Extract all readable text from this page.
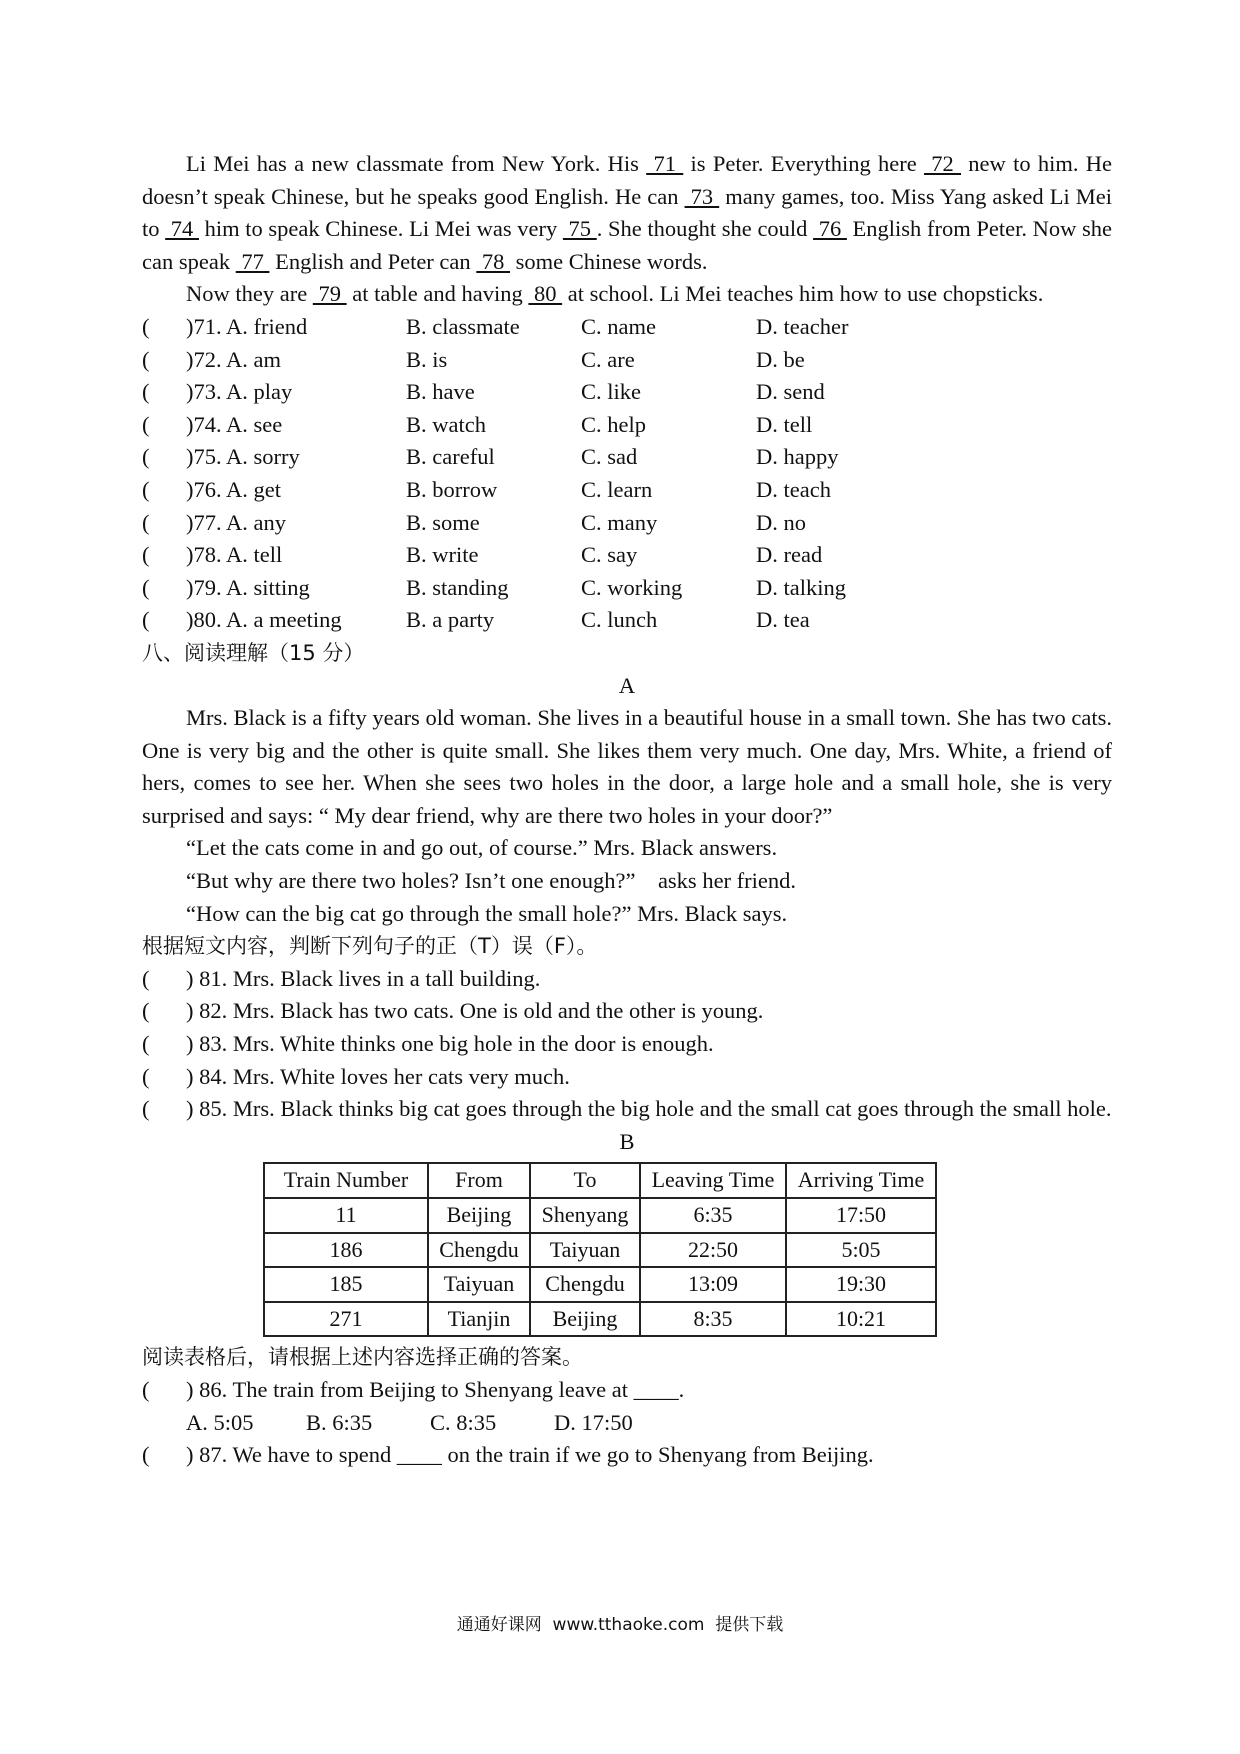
Li Mei has a new classmate from New York. His  71  is Peter. Everything here  72  new to him. He doesn’t speak Chinese, but he speaks good English. He can  73  many games, too. Miss Yang asked Li Mei to  74  him to speak Chinese. Li Mei was very  75 . She thought she could  76  English from Peter. Now she can speak  77  English and Peter can  78  some Chinese words.

Now they are  79  at table and having  80  at school. Li Mei teaches him how to use chopsticks.

(	)71. A. friend	B. classmate	C. name	D. teacher
(	)72. A. am	B. is	C. are	D. be
(	)73. A. play	B. have	C. like	D. send
(	)74. A. see	B. watch	C. help	D. tell
(	)75. A. sorry	B. careful	C. sad	D. happy
(	)76. A. get	B. borrow	C. learn	D. teach
(	)77. A. any	B. some	C. many	D. no
(	)78. A. tell	B. write	C. say	D. read
(	)79. A. sitting	B. standing	C. working	D. talking
(	)80. A. a meeting	B. a party	C. lunch	D. tea

八、阅读理解（15 分）

A

Mrs. Black is a fifty years old woman. She lives in a beautiful house in a small town. She has two cats. One is very big and the other is quite small. She likes them very much. One day, Mrs. White, a friend of hers, comes to see her. When she sees two holes in the door, a large hole and a small hole, she is very surprised and says: “ My dear friend, why are there two holes in your door?”

“Let the cats come in and go out, of course.” Mrs. Black answers.

“But why are there two holes? Isn’t one enough?”    asks her friend.

“How can the big cat go through the small hole?” Mrs. Black says.

根据短文内容，判断下列句子的正（T）误（F）。

( ) 81. Mrs. Black lives in a tall building.

( ) 82. Mrs. Black has two cats. One is old and the other is young.

( ) 83. Mrs. White thinks one big hole in the door is enough.

( ) 84. Mrs. White loves her cats very much.

( ) 85. Mrs. Black thinks big cat goes through the big hole and the small cat goes through the small hole.

B

Train Number	From	To	Leaving Time	Arriving Time
11	Beijing	Shenyang	6:35	17:50
186	Chengdu	Taiyuan	22:50	5:05
185	Taiyuan	Chengdu	13:09	19:30
271	Tianjin	Beijing	8:35	10:21

阅读表格后，请根据上述内容选择正确的答案。

( ) 86. The train from Beijing to Shenyang leave at ____.

A. 5:05	B. 6:35	C. 8:35	D. 17:50

( ) 87. We have to spend ____ on the train if we go to Shenyang from Beijing.

通通好课网  www.tthaoke.com  提供下载
